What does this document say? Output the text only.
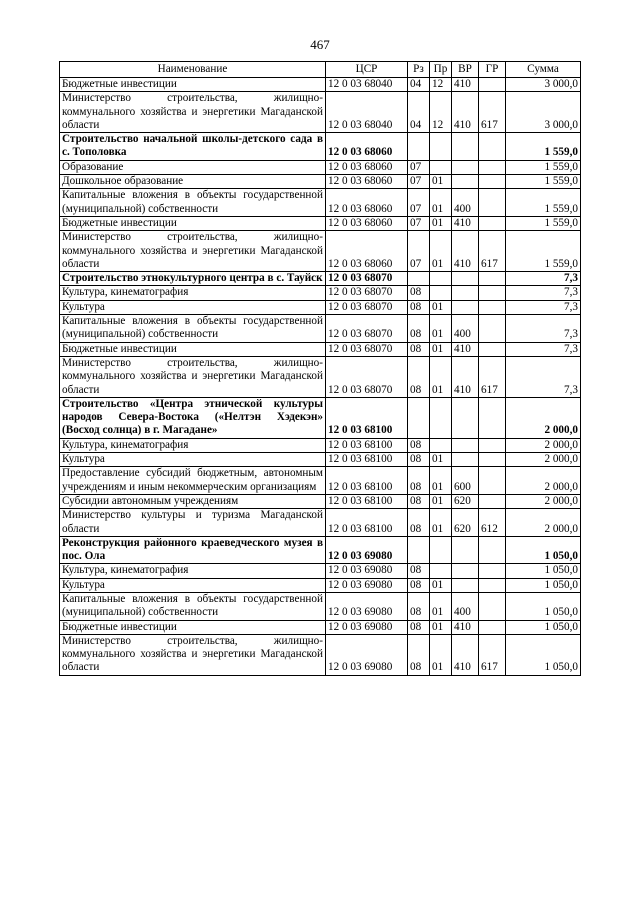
467
Наименование	ЦСР	Рз	Пр	ВР	ГР	Сумма
Бюджетные инвестиции	12 0 03 68040	04	12	410		3 000,0
Министерство строительства, жилищно-коммунального хозяйства и энергетики Магаданской области	12 0 03 68040	04	12	410	617	3 000,0
Строительство начальной школы-детского сада в с. Тополовка	12 0 03 68060					1 559,0
Образование	12 0 03 68060	07				1 559,0
Дошкольное образование	12 0 03 68060	07	01			1 559,0
Капитальные вложения в объекты государственной (муниципальной) собственности	12 0 03 68060	07	01	400		1 559,0
Бюджетные инвестиции	12 0 03 68060	07	01	410		1 559,0
Министерство строительства, жилищно-коммунального хозяйства и энергетики Магаданской области	12 0 03 68060	07	01	410	617	1 559,0
Строительство этнокультурного центра в с. Тауйск	12 0 03 68070					7,3
Культура, кинематография	12 0 03 68070	08				7,3
Культура	12 0 03 68070	08	01			7,3
Капитальные вложения в объекты государственной (муниципальной) собственности	12 0 03 68070	08	01	400		7,3
Бюджетные инвестиции	12 0 03 68070	08	01	410		7,3
Министерство строительства, жилищно-коммунального хозяйства и энергетики Магаданской области	12 0 03 68070	08	01	410	617	7,3
Строительство «Центра этнической культуры народов Севера-Востока («Нелтэн Хэдекэн» (Восход солнца) в г. Магадане»	12 0 03 68100					2 000,0
Культура, кинематография	12 0 03 68100	08				2 000,0
Культура	12 0 03 68100	08	01			2 000,0
Предоставление субсидий бюджетным, автономным учреждениям и иным некоммерческим организациям	12 0 03 68100	08	01	600		2 000,0
Субсидии автономным учреждениям	12 0 03 68100	08	01	620		2 000,0
Министерство культуры и туризма Магаданской области	12 0 03 68100	08	01	620	612	2 000,0
Реконструкция районного краеведческого музея в пос. Ола	12 0 03 69080					1 050,0
Культура, кинематография	12 0 03 69080	08				1 050,0
Культура	12 0 03 69080	08	01			1 050,0
Капитальные вложения в объекты государственной (муниципальной) собственности	12 0 03 69080	08	01	400		1 050,0
Бюджетные инвестиции	12 0 03 69080	08	01	410		1 050,0
Министерство строительства, жилищно-коммунального хозяйства и энергетики Магаданской области	12 0 03 69080	08	01	410	617	1 050,0
